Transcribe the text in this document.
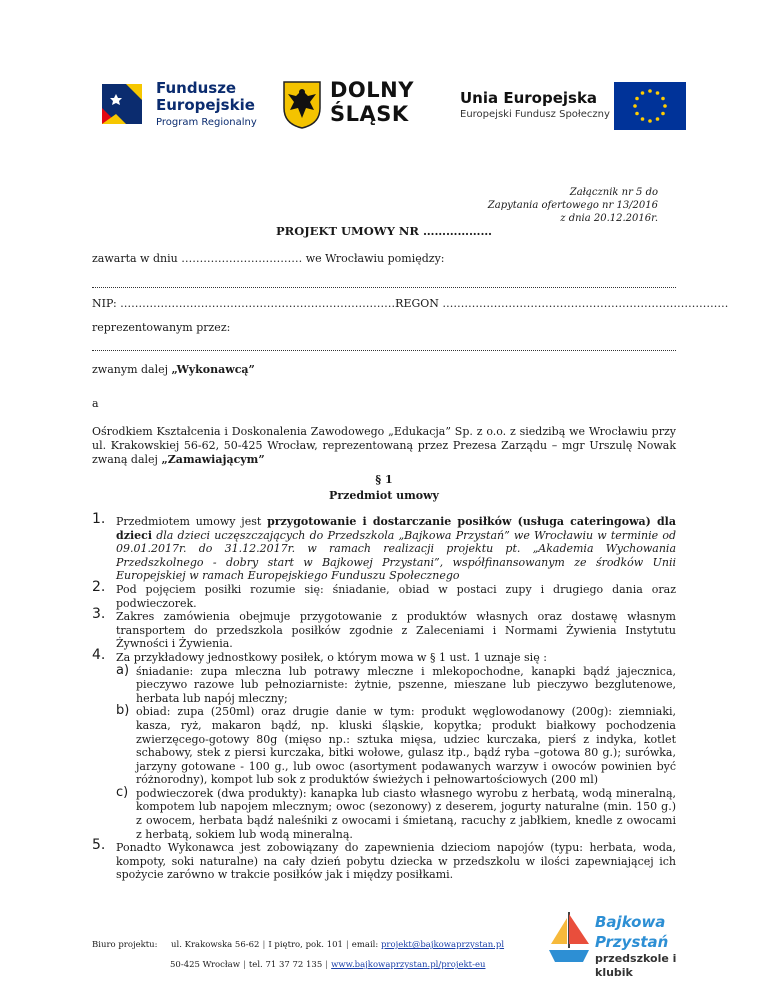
Fundusze
Europejskie
Program Regionalny
DOLNY
ŚLĄSK
Unia Europejska
Europejski Fundusz Społeczny
Załącznik nr 5 do
Zapytania ofertowego nr 13/2016
z dnia 20.12.2016r.
PROJEKT UMOWY NR ………………
zawarta w dniu …………………………… we Wrocławiu pomiędzy:
NIP: …………………………………………………………………REGON ……………………………………………………………………
reprezentowanym przez:
zwanym dalej „Wykonawcą”
a
Ośrodkiem Kształcenia i Doskonalenia Zawodowego „Edukacja” Sp. z o.o. z siedzibą we Wrocławiu przy ul. Krakowskiej 56-62, 50-425 Wrocław, reprezentowaną przez Prezesa Zarządu – mgr Urszulę Nowak zwaną dalej „Zamawiającym”
§ 1
Przedmiot umowy
1. Przedmiotem umowy jest przygotowanie i dostarczanie posiłków (usługa cateringowa) dla dzieci dla dzieci uczęszczających do Przedszkola „Bajkowa Przystań” we Wrocławiu w terminie od 09.01.2017r. do 31.12.2017r. w ramach realizacji projektu pt. „Akademia Wychowania Przedszkolnego - dobry start w Bajkowej Przystani”, współfinansowanym ze środków Unii Europejskiej w ramach Europejskiego Funduszu Społecznego
2. Pod pojęciem posiłki rozumie się: śniadanie, obiad w postaci zupy i drugiego dania oraz podwieczorek.
3. Zakres zamówienia obejmuje przygotowanie z produktów własnych oraz dostawę własnym transportem do przedszkola posiłków zgodnie z Zaleceniami i Normami Żywienia Instytutu Żywności i Żywienia.
4. Za przykładowy jednostkowy posiłek, o którym mowa w § 1 ust. 1 uznaje się :
a) śniadanie: zupa mleczna lub potrawy mleczne i mlekopochodne, kanapki bądź jajecznica, pieczywo razowe lub pełnoziarniste: żytnie, pszenne, mieszane lub pieczywo bezglutenowe, herbata lub napój mleczny;
b) obiad: zupa (250ml) oraz drugie danie w tym: produkt węglowodanowy (200g): ziemniaki, kasza, ryż, makaron bądź, np. kluski śląskie, kopytka; produkt białkowy pochodzenia zwierzęcego-gotowy 80g (mięso np.: sztuka mięsa, udziec kurczaka, pierś z indyka, kotlet schabowy, stek z piersi kurczaka, bitki wołowe, gulasz itp., bądź ryba –gotowa 80 g.); surówka, jarzyny gotowane - 100 g., lub owoc (asortyment podawanych warzyw i owoców powinien być różnorodny), kompot lub sok z produktów świeżych i pełnowartościowych (200 ml)
c) podwieczorek (dwa produkty): kanapka lub ciasto własnego wyrobu z herbatą, wodą mineralną, kompotem lub napojem mlecznym; owoc (sezonowy) z deserem, jogurty naturalne (min. 150 g.) z owocem, herbata bądź naleśniki z owocami i śmietaną, racuchy z jabłkiem, knedle z owocami z herbatą, sokiem lub wodą mineralną.
5. Ponadto Wykonawca jest zobowiązany do zapewnienia dzieciom napojów (typu: herbata, woda, kompoty, soki naturalne) na cały dzień pobytu dziecka w przedszkolu w ilości zapewniającej ich spożycie zarówno w trakcie posiłków jak i między posiłkami.
Biuro projektu: ul. Krakowska 56-62 | I piętro, pok. 101 | email: projekt@bajkowaprzystan.pl
50-425 Wrocław | tel. 71 37 72 135 | www.bajkowaprzystan.pl/projekt-eu
Bajkowa Przystań
przedszkole i klubik
